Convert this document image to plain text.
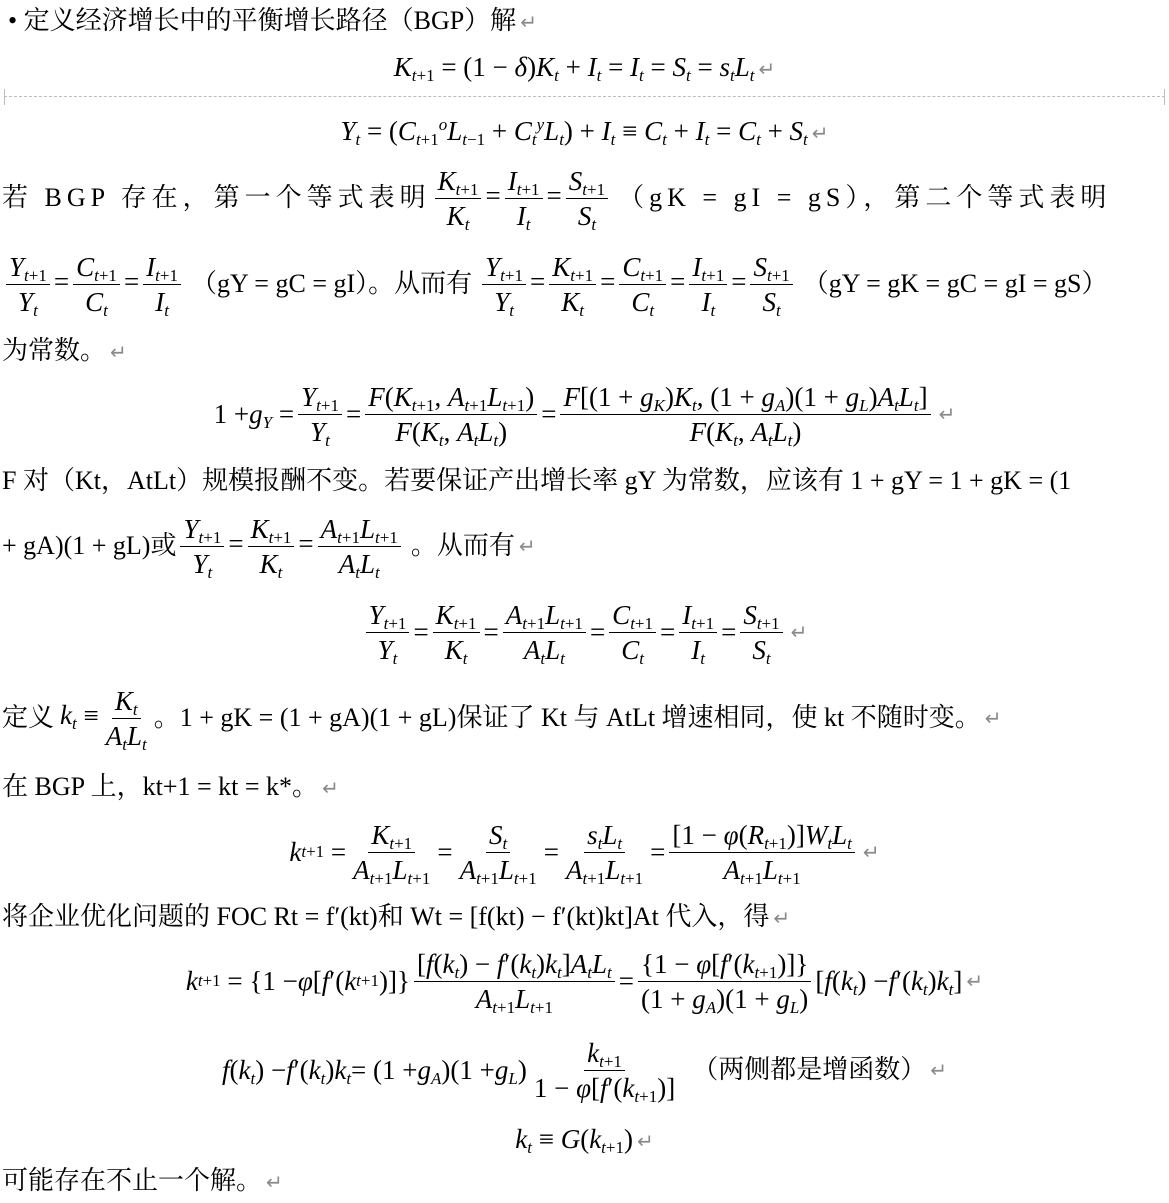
• 定义经济增长中的平衡增长路径（BGP）解 ↵
$K_{t+1} = (1 - \delta)K_t + I_t = I_t = S_t = s_tL_t$ ↵
$Y_t = (C_{t+1}^oL_{t-1} + C_t^yL_t) + I_t \equiv C_t + I_t = C_t + S_t$ ↵
若 BGP 存在，第一个等式表明 $\frac{K_{t+1}}{K_t} = \frac{I_{t+1}}{I_t} = \frac{S_{t+1}}{S_t} (gK$ = gI = gS），第二个等式表明
$\frac{Y_{t+1}}{Y_t} = \frac{C_{t+1}}{C_t} = \frac{I_{t+1}}{I_t} (gY$ = gC = gI）。从而有 $\frac{Y_{t+1}}{Y_t} = \frac{K_{t+1}}{K_t} = \frac{C_{t+1}}{C_t} = \frac{I_{t+1}}{I_t} = \frac{S_{t+1}}{S_t} (gY$ = gK = gC = gI = gS）
为常数。 ↵
$1 + g_Y = \frac{Y_{t+1}}{Y_t} = \frac{F(K_{t+1}, A_{t+1}L_{t+1})}{F(K_t, A_tL_t)} = \frac{F[(1 + g_K)K_t, (1 + g_A)(1 + g_L)A_tL_t]}{F(K_t, A_tL_t)}$ ↵
F 对（Kt，AtLt）规模报酬不变。若要保证产出增长率 gY 为常数，应该有 1 + gY = 1 + gK = (1
+ gA)(1 + gL)或 $\frac{Y_{t+1}}{Y_t} = \frac{K_{t+1}}{K_t} = \frac{A_{t+1}L_{t+1}}{A_tL_t}$ 。从而有 ↵
$\frac{Y_{t+1}}{Y_t} = \frac{K_{t+1}}{K_t} = \frac{A_{t+1}L_{t+1}}{A_tL_t} = \frac{C_{t+1}}{C_t} = \frac{I_{t+1}}{I_t} = \frac{S_{t+1}}{S_t}$ ↵
定义 $k_t \equiv \frac{K_t}{A_tL_t}$ 。1 + gK = (1 + gA)(1 + gL)保证了 Kt 与 AtLt 增速相同，使 kt 不随时变。 ↵
在 BGP 上，kt+1 = kt = k*。 ↵
k $t+1 = \frac{K_{t+1}}{A_{t+1}L_{t+1}} = \frac{S_t}{A_{t+1}L_{t+1}} = \frac{s_tL_t}{A_{t+1}L_{t+1}} = \frac{[1 - \varphi(R_{t+1})]W_tL_t}{A_{t+1}L_{t+1}}$ ↵
将企业优化问题的 FOC Rt = f′(kt)和 Wt = [f(kt) − f′(kt)kt]At 代入，得 ↵
k t+1 = {1 − φ [ f ′( k t+1 )]} $\frac{[f(k_t) - f'(k_t)k_t]A_tL_t}{A_{t+1}L_{t+1}} = \frac{\{1 - \varphi[f'(k_{t+1})]\}}{(1 + g_A)(1 + g_L)}$ [ f ( $k_t$ ) − f ′( $k_t$ ) $k_t$ ] ↵
f ( $k_t$ ) − f ′( $k_t$ ) $k_t = (1 + g_A$ )($1 + g_L$ ) $\frac{k_{t+1}}{1 - \varphi[f'(k_{t+1})]}$ （两侧都是增函数） ↵
$k_t \equiv G(k_{t+1})$ ↵
可能存在不止一个解。 ↵
